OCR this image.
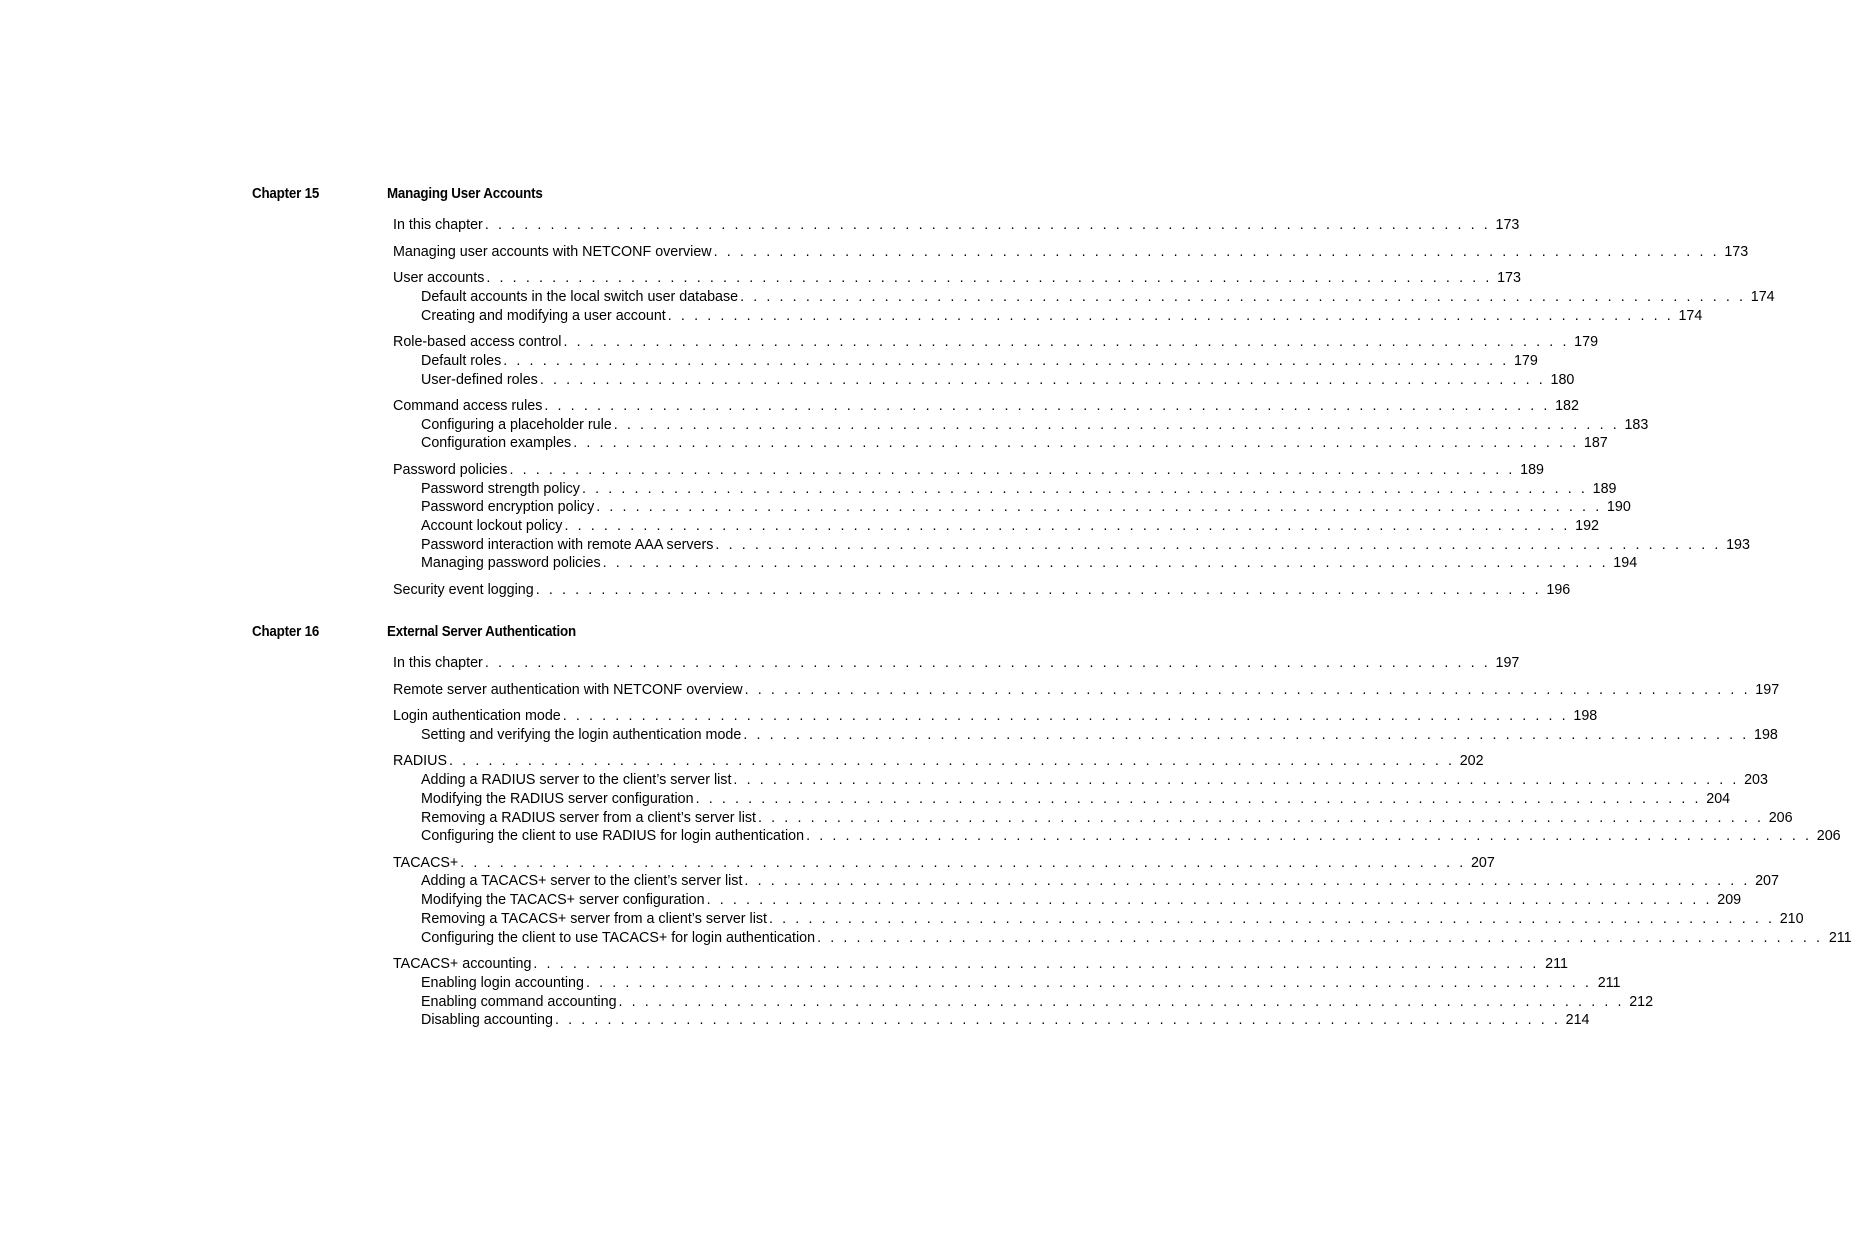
Chapter 15	Managing User Accounts
In this chapter . . . . . . . . . . . . . . . . . . . . . . . . . . . . . . . . . . . . . . . . . . . . . . . . . . . . . . . . . . . . . . . . . . . . . . . . . . . . . 173
Managing user accounts with NETCONF overview . . . . . . . . . . . . . . . . . . . . . . . . . . . . . . . . . . . . . . . . . . . . . . . . . . . . . . . . . . . . . . . . . . . . . . . . . . . . . 173
User accounts . . . . . . . . . . . . . . . . . . . . . . . . . . . . . . . . . . . . . . . . . . . . . . . . . . . . . . . . . . . . . . . . . . . . . . . . . . . . . 173
Default accounts in the local switch user database . . . . . . . . . . . . . . . . . . . . . . . . . . . . . . . . . . . . . . . . . . . . . . . . . . . . . . . . . . . . . . . . . . . . . . . . . . . . . 174
Creating and modifying a user account . . . . . . . . . . . . . . . . . . . . . . . . . . . . . . . . . . . . . . . . . . . . . . . . . . . . . . . . . . . . . . . . . . . . . . . . . . . . . 174
Role-based access control . . . . . . . . . . . . . . . . . . . . . . . . . . . . . . . . . . . . . . . . . . . . . . . . . . . . . . . . . . . . . . . . . . . . . . . . . . . . . 179
Default roles . . . . . . . . . . . . . . . . . . . . . . . . . . . . . . . . . . . . . . . . . . . . . . . . . . . . . . . . . . . . . . . . . . . . . . . . . . . . . 179
User-defined roles . . . . . . . . . . . . . . . . . . . . . . . . . . . . . . . . . . . . . . . . . . . . . . . . . . . . . . . . . . . . . . . . . . . . . . . . . . . . . 180
Command access rules . . . . . . . . . . . . . . . . . . . . . . . . . . . . . . . . . . . . . . . . . . . . . . . . . . . . . . . . . . . . . . . . . . . . . . . . . . . . . 182
Configuring a placeholder rule . . . . . . . . . . . . . . . . . . . . . . . . . . . . . . . . . . . . . . . . . . . . . . . . . . . . . . . . . . . . . . . . . . . . . . . . . . . . . 183
Configuration examples . . . . . . . . . . . . . . . . . . . . . . . . . . . . . . . . . . . . . . . . . . . . . . . . . . . . . . . . . . . . . . . . . . . . . . . . . . . . . 187
Password policies . . . . . . . . . . . . . . . . . . . . . . . . . . . . . . . . . . . . . . . . . . . . . . . . . . . . . . . . . . . . . . . . . . . . . . . . . . . . . 189
Password strength policy . . . . . . . . . . . . . . . . . . . . . . . . . . . . . . . . . . . . . . . . . . . . . . . . . . . . . . . . . . . . . . . . . . . . . . . . . . . . . 189
Password encryption policy . . . . . . . . . . . . . . . . . . . . . . . . . . . . . . . . . . . . . . . . . . . . . . . . . . . . . . . . . . . . . . . . . . . . . . . . . . . . . 190
Account lockout policy . . . . . . . . . . . . . . . . . . . . . . . . . . . . . . . . . . . . . . . . . . . . . . . . . . . . . . . . . . . . . . . . . . . . . . . . . . . . . 192
Password interaction with remote AAA servers . . . . . . . . . . . . . . . . . . . . . . . . . . . . . . . . . . . . . . . . . . . . . . . . . . . . . . . . . . . . . . . . . . . . . . . . . . . . . 193
Managing password policies . . . . . . . . . . . . . . . . . . . . . . . . . . . . . . . . . . . . . . . . . . . . . . . . . . . . . . . . . . . . . . . . . . . . . . . . . . . . . 194
Security event logging . . . . . . . . . . . . . . . . . . . . . . . . . . . . . . . . . . . . . . . . . . . . . . . . . . . . . . . . . . . . . . . . . . . . . . . . . . . . . 196
Chapter 16	External Server Authentication
In this chapter . . . . . . . . . . . . . . . . . . . . . . . . . . . . . . . . . . . . . . . . . . . . . . . . . . . . . . . . . . . . . . . . . . . . . . . . . . . . . 197
Remote server authentication with NETCONF overview . . . . . . . . . . . . . . . . . . . . . . . . . . . . . . . . . . . . . . . . . . . . . . . . . . . . . . . . . . . . . . . . . . . . . . . . . . . . . 197
Login authentication mode . . . . . . . . . . . . . . . . . . . . . . . . . . . . . . . . . . . . . . . . . . . . . . . . . . . . . . . . . . . . . . . . . . . . . . . . . . . . . 198
Setting and verifying the login authentication mode . . . . . . . . . . . . . . . . . . . . . . . . . . . . . . . . . . . . . . . . . . . . . . . . . . . . . . . . . . . . . . . . . . . . . . . . . . . . . 198
RADIUS . . . . . . . . . . . . . . . . . . . . . . . . . . . . . . . . . . . . . . . . . . . . . . . . . . . . . . . . . . . . . . . . . . . . . . . . . . . . . 202
Adding a RADIUS server to the client’s server list . . . . . . . . . . . . . . . . . . . . . . . . . . . . . . . . . . . . . . . . . . . . . . . . . . . . . . . . . . . . . . . . . . . . . . . . . . . . . 203
Modifying the RADIUS server configuration . . . . . . . . . . . . . . . . . . . . . . . . . . . . . . . . . . . . . . . . . . . . . . . . . . . . . . . . . . . . . . . . . . . . . . . . . . . . . 204
Removing a RADIUS server from a client’s server list . . . . . . . . . . . . . . . . . . . . . . . . . . . . . . . . . . . . . . . . . . . . . . . . . . . . . . . . . . . . . . . . . . . . . . . . . . . . . 206
Configuring the client to use RADIUS for login authentication . . . . . . . . . . . . . . . . . . . . . . . . . . . . . . . . . . . . . . . . . . . . . . . . . . . . . . . . . . . . . . . . . . . . . . . . . . . . . 206
TACACS+ . . . . . . . . . . . . . . . . . . . . . . . . . . . . . . . . . . . . . . . . . . . . . . . . . . . . . . . . . . . . . . . . . . . . . . . . . . . . . 207
Adding a TACACS+ server to the client’s server list . . . . . . . . . . . . . . . . . . . . . . . . . . . . . . . . . . . . . . . . . . . . . . . . . . . . . . . . . . . . . . . . . . . . . . . . . . . . . 207
Modifying the TACACS+ server configuration . . . . . . . . . . . . . . . . . . . . . . . . . . . . . . . . . . . . . . . . . . . . . . . . . . . . . . . . . . . . . . . . . . . . . . . . . . . . . 209
Removing a TACACS+ server from a client’s server list . . . . . . . . . . . . . . . . . . . . . . . . . . . . . . . . . . . . . . . . . . . . . . . . . . . . . . . . . . . . . . . . . . . . . . . . . . . . . 210
Configuring the client to use TACACS+ for login authentication . . . . . . . . . . . . . . . . . . . . . . . . . . . . . . . . . . . . . . . . . . . . . . . . . . . . . . . . . . . . . . . . . . . . . . . . . . . . . 211
TACACS+ accounting . . . . . . . . . . . . . . . . . . . . . . . . . . . . . . . . . . . . . . . . . . . . . . . . . . . . . . . . . . . . . . . . . . . . . . . . . . . . . 211
Enabling login accounting . . . . . . . . . . . . . . . . . . . . . . . . . . . . . . . . . . . . . . . . . . . . . . . . . . . . . . . . . . . . . . . . . . . . . . . . . . . . . 211
Enabling command accounting . . . . . . . . . . . . . . . . . . . . . . . . . . . . . . . . . . . . . . . . . . . . . . . . . . . . . . . . . . . . . . . . . . . . . . . . . . . . . 212
Disabling accounting . . . . . . . . . . . . . . . . . . . . . . . . . . . . . . . . . . . . . . . . . . . . . . . . . . . . . . . . . . . . . . . . . . . . . . . . . . . . . 214
